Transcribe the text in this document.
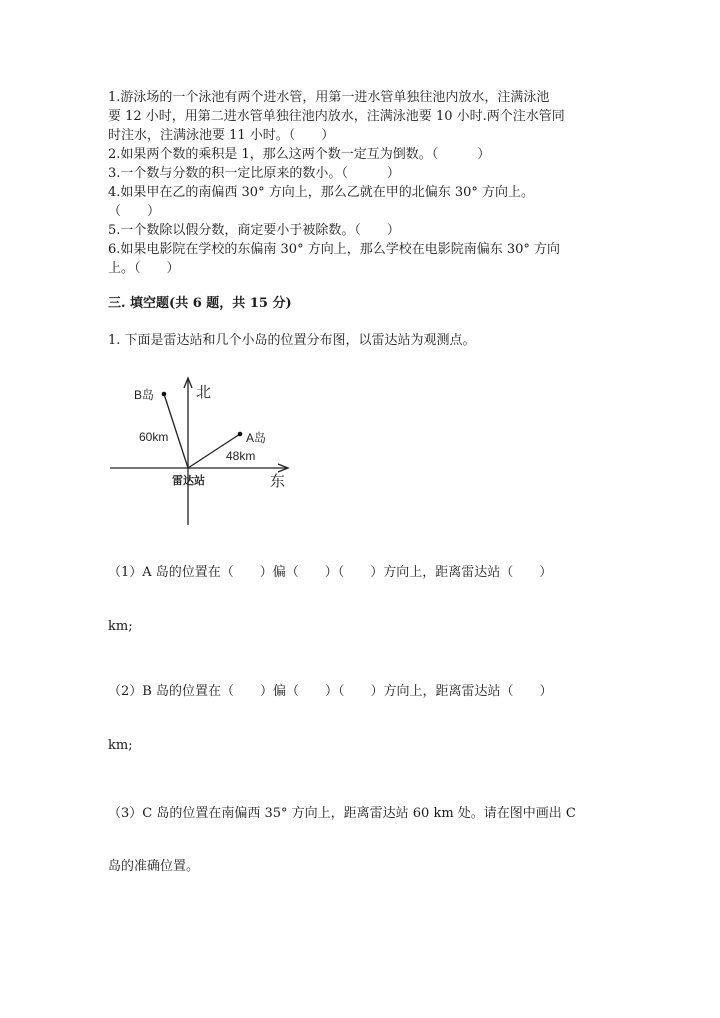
1.游泳场的一个泳池有两个进水管，用第一进水管单独往池内放水，注满泳池
要 12 小时，用第二进水管单独往池内放水，注满泳池要 10 小时.两个注水管同
时注水，注满泳池要 11 小时。（　　）
2.如果两个数的乘积是 1，那么这两个数一定互为倒数。（　　　）
3.一个数与分数的积一定比原来的数小。（　　　）
4.如果甲在乙的南偏西 30° 方向上，那么乙就在甲的北偏东 30° 方向上。
（　　）
5.一个数除以假分数，商定要小于被除数。（　　）
6.如果电影院在学校的东偏南 30° 方向上，那么学校在电影院南偏东 30° 方向
上。（　　）
三. 填空题(共 6 题，共 15 分)
1. 下面是雷达站和几个小岛的位置分布图，以雷达站为观测点。
北
东
雷达站
B岛
60km	A岛
48km
（1）A 岛的位置在（　　）偏（　　）（　　）方向上，距离雷达站（　　）
km;
（2）B 岛的位置在（　　）偏（　　）（　　）方向上，距离雷达站（　　）
km;
（3）C 岛的位置在南偏西 35° 方向上，距离雷达站 60 km 处。请在图中画出 C
岛的准确位置。
